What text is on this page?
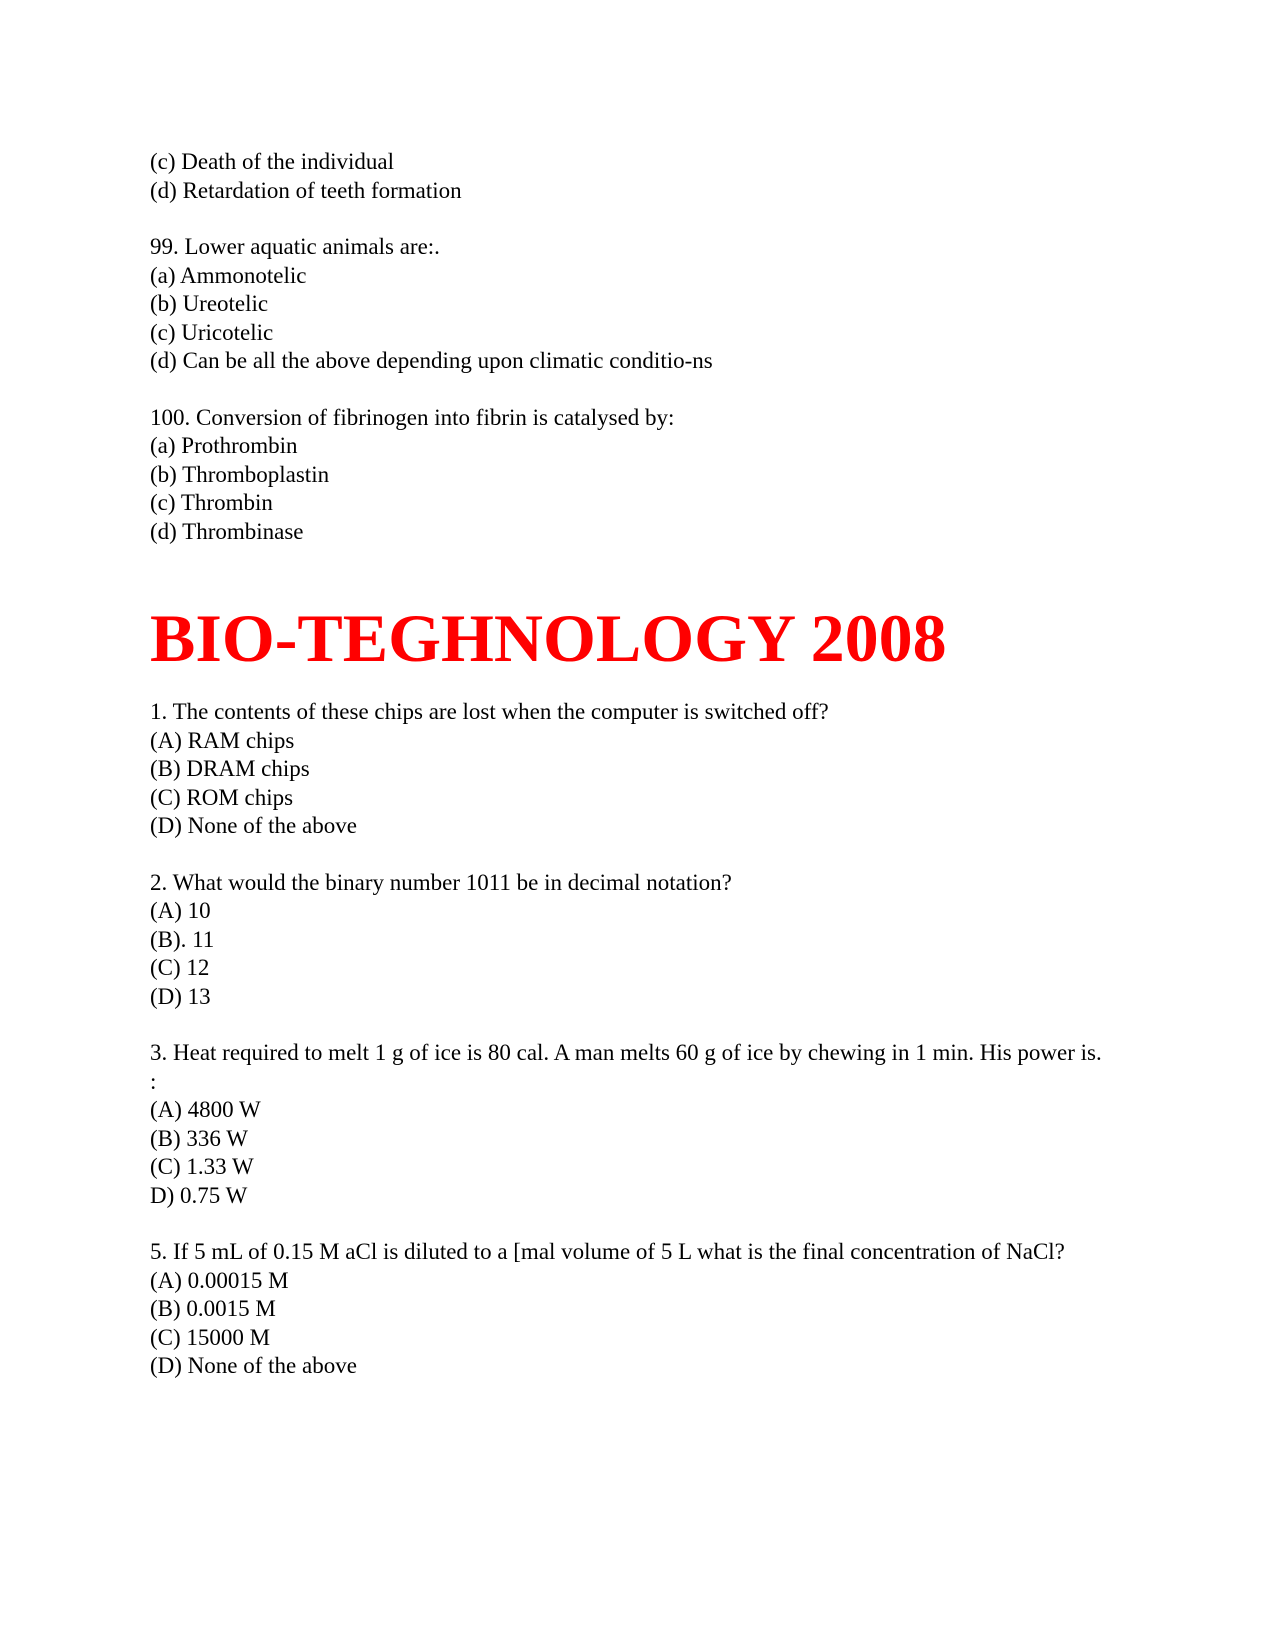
(c) Death of the individual
(d) Retardation of teeth formation
99. Lower aquatic animals are:.
(a) Ammonotelic
(b) Ureotelic
(c) Uricotelic
(d) Can be all the above depending upon climatic conditio-ns
100. Conversion of fibrinogen into fibrin is catalysed by:
(a) Prothrombin
(b) Thromboplastin
(c) Thrombin
(d) Thrombinase
BIO-TEGHNOLOGY 2008
1. The contents of these chips are lost when the computer is switched off?
(A) RAM chips
(B) DRAM chips
(C) ROM chips
(D) None of the above
2. What would the binary number 1011 be in decimal notation?
(A) 10
(B). 11
(C) 12
(D) 13
3. Heat required to melt 1 g of ice is 80 cal. A man melts 60 g of ice by chewing in 1 min. His power is. :
(A) 4800 W
(B) 336 W
(C) 1.33 W
D) 0.75 W
5. If 5 mL of 0.15 M aCl is diluted to a [mal volume of 5 L what is the final concentration of NaCl?
(A) 0.00015 M
(B) 0.0015 M
(C) 15000 M
(D) None of the above
